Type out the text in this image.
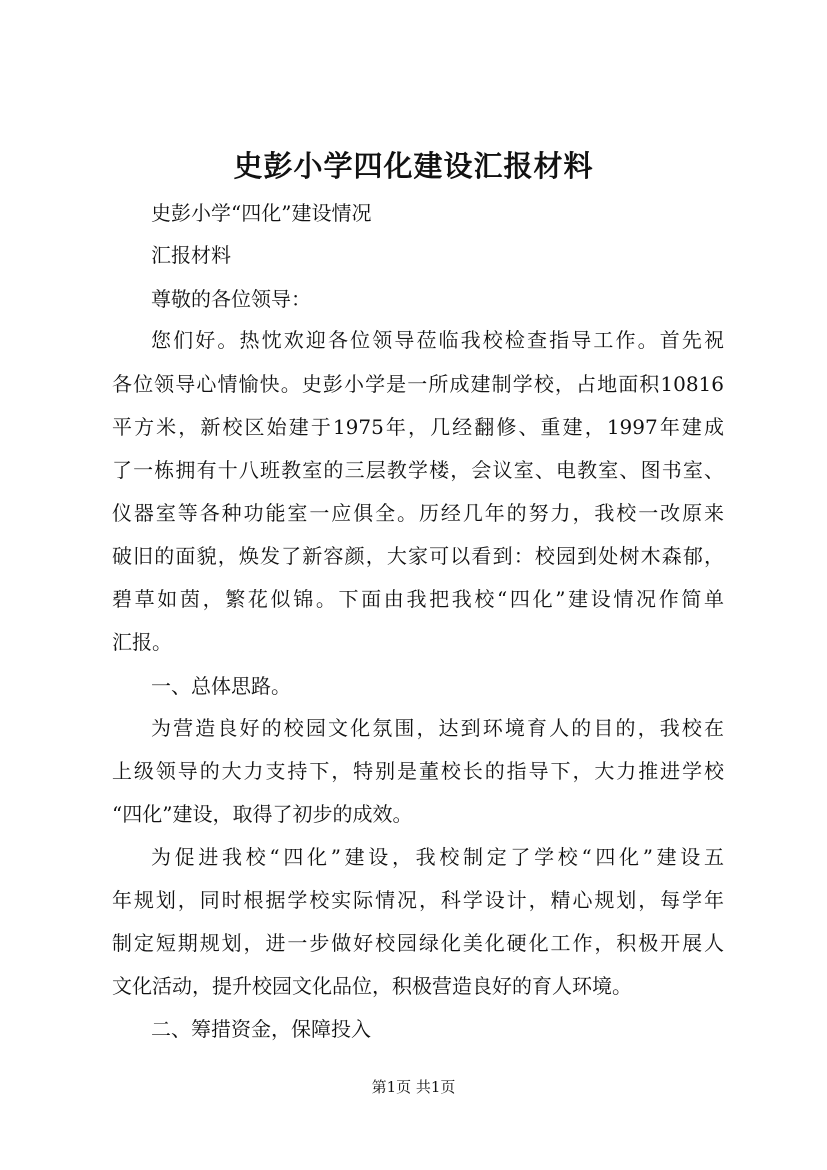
史彭小学四化建设汇报材料
史彭小学“四化”建设情况
汇报材料
尊敬的各位领导：
您们好。热忱欢迎各位领导莅临我校检查指导工作。首先祝
各位领导心情愉快。史彭小学是一所成建制学校，占地面积10816
平方米，新校区始建于1975年，几经翻修、重建，1997年建成
了一栋拥有十八班教室的三层教学楼，会议室、电教室、图书室、
仪器室等各种功能室一应俱全。历经几年的努力，我校一改原来
破旧的面貌，焕发了新容颜，大家可以看到：校园到处树木森郁，
碧草如茵，繁花似锦。下面由我把我校“四化”建设情况作简单
汇报。
一、总体思路。
为营造良好的校园文化氛围，达到环境育人的目的，我校在
上级领导的大力支持下，特别是董校长的指导下，大力推进学校
“四化”建设，取得了初步的成效。
为促进我校“四化”建设，我校制定了学校“四化”建设五
年规划，同时根据学校实际情况，科学设计，精心规划，每学年
制定短期规划，进一步做好校园绿化美化硬化工作，积极开展人
文化活动，提升校园文化品位，积极营造良好的育人环境。
二、筹措资金，保障投入
第1页 共1页
